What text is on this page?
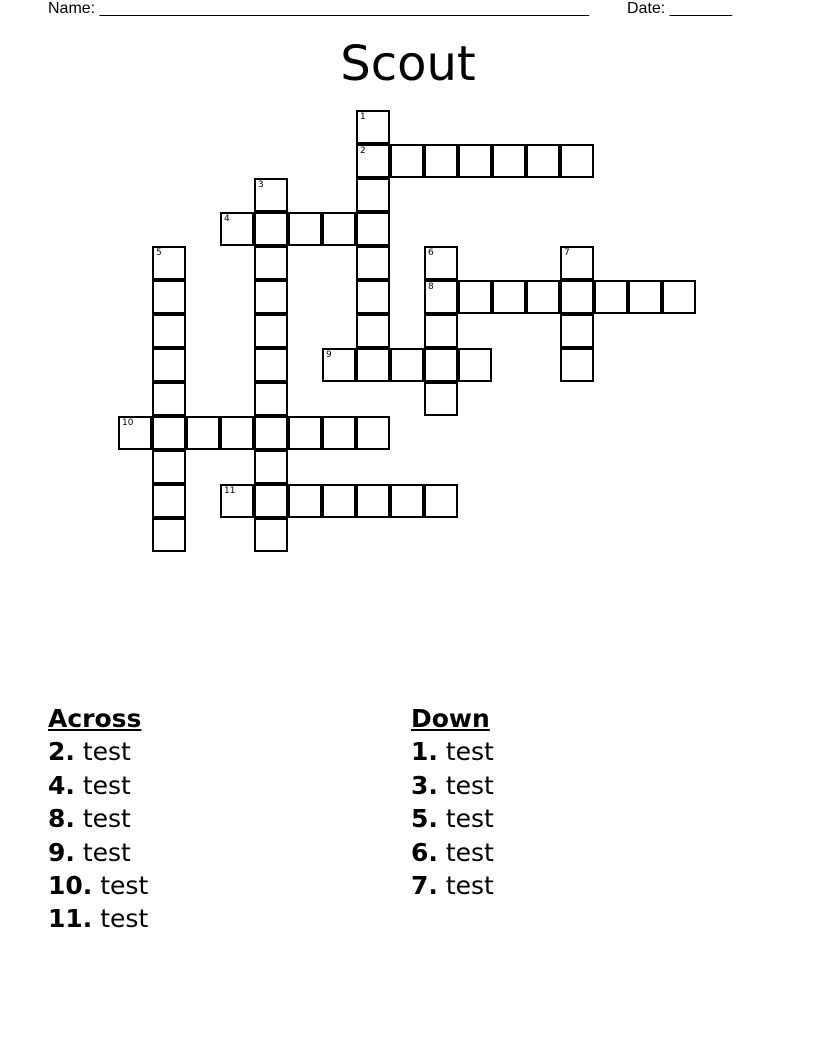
Name: _______________________________________________________ Date: _______
Scout
1
2
3
4
5	6	7
8
9
10
11
Across
2. test
4. test
8. test
9. test
10. test
11. test
Down
1. test
3. test
5. test
6. test
7. test
